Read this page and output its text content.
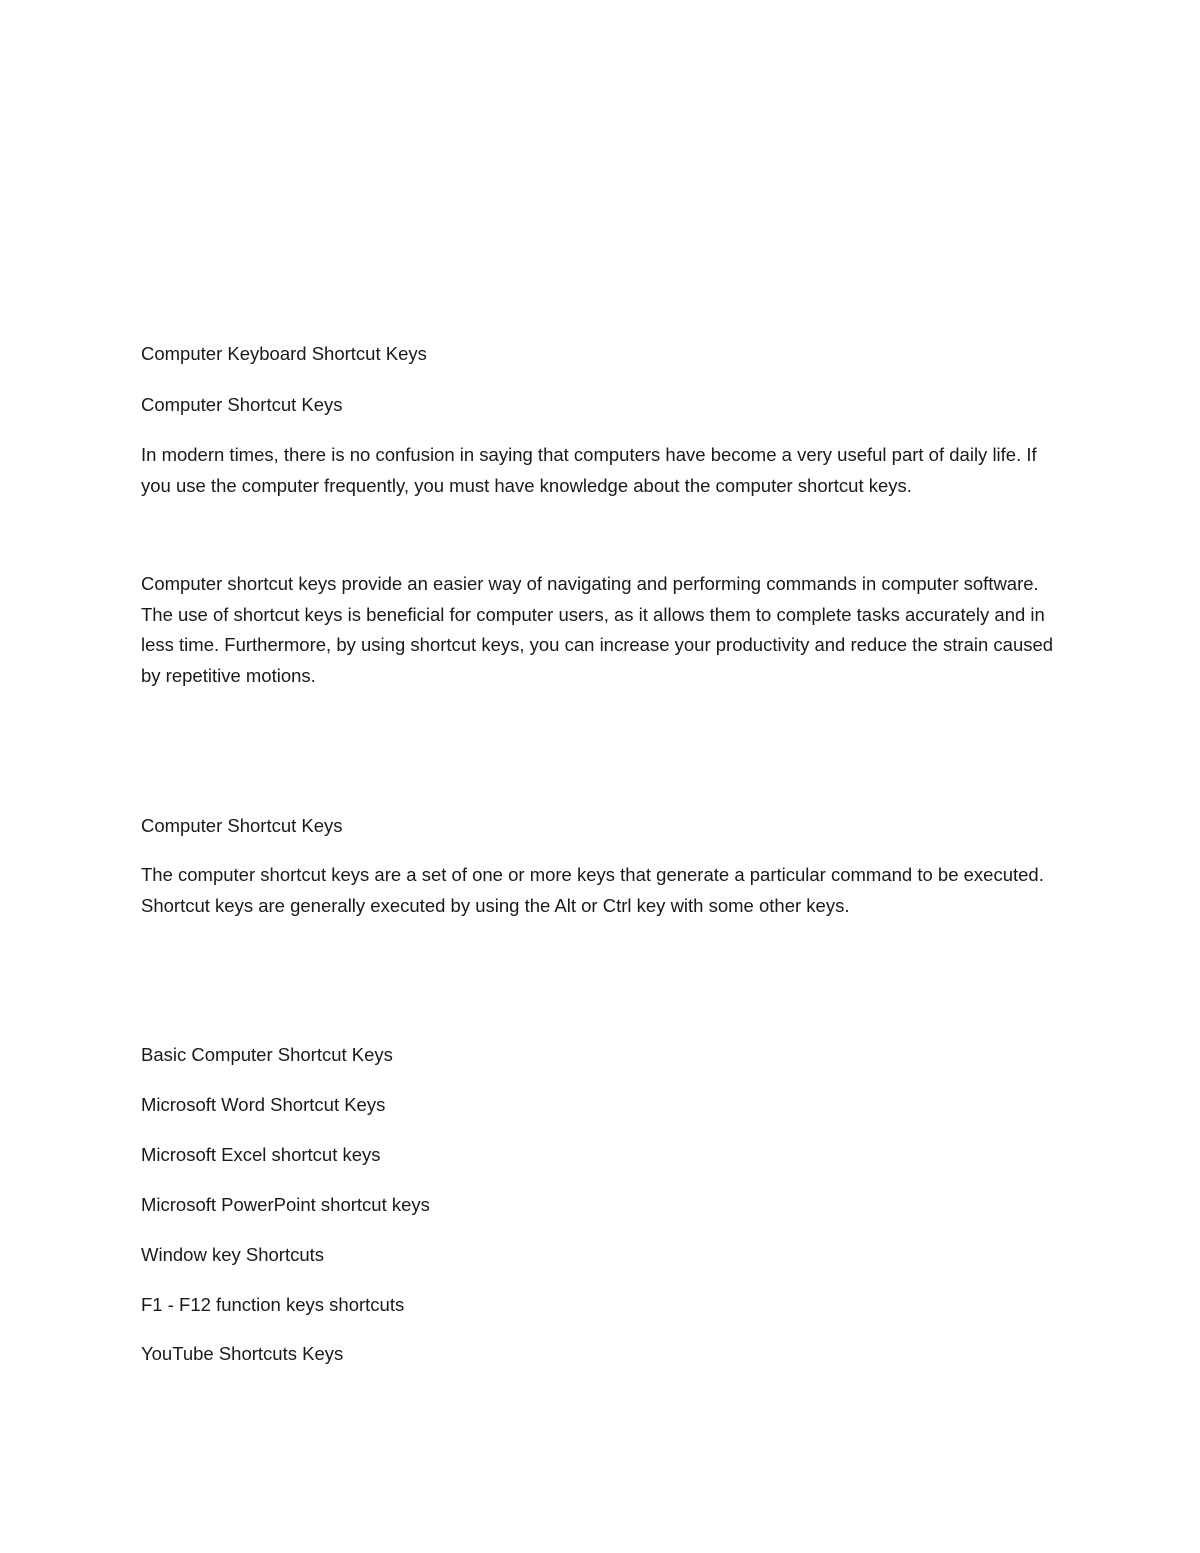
Computer Keyboard Shortcut Keys

Computer Shortcut Keys

In modern times, there is no confusion in saying that computers have become a very useful part of daily life. If you use the computer frequently, you must have knowledge about the computer shortcut keys.

Computer shortcut keys provide an easier way of navigating and performing commands in computer software. The use of shortcut keys is beneficial for computer users, as it allows them to complete tasks accurately and in less time. Furthermore, by using shortcut keys, you can increase your productivity and reduce the strain caused by repetitive motions.

Computer Shortcut Keys

The computer shortcut keys are a set of one or more keys that generate a particular command to be executed. Shortcut keys are generally executed by using the Alt or Ctrl key with some other keys.

Basic Computer Shortcut Keys

Microsoft Word Shortcut Keys

Microsoft Excel shortcut keys

Microsoft PowerPoint shortcut keys

Window key Shortcuts

F1 - F12 function keys shortcuts

YouTube Shortcuts Keys
